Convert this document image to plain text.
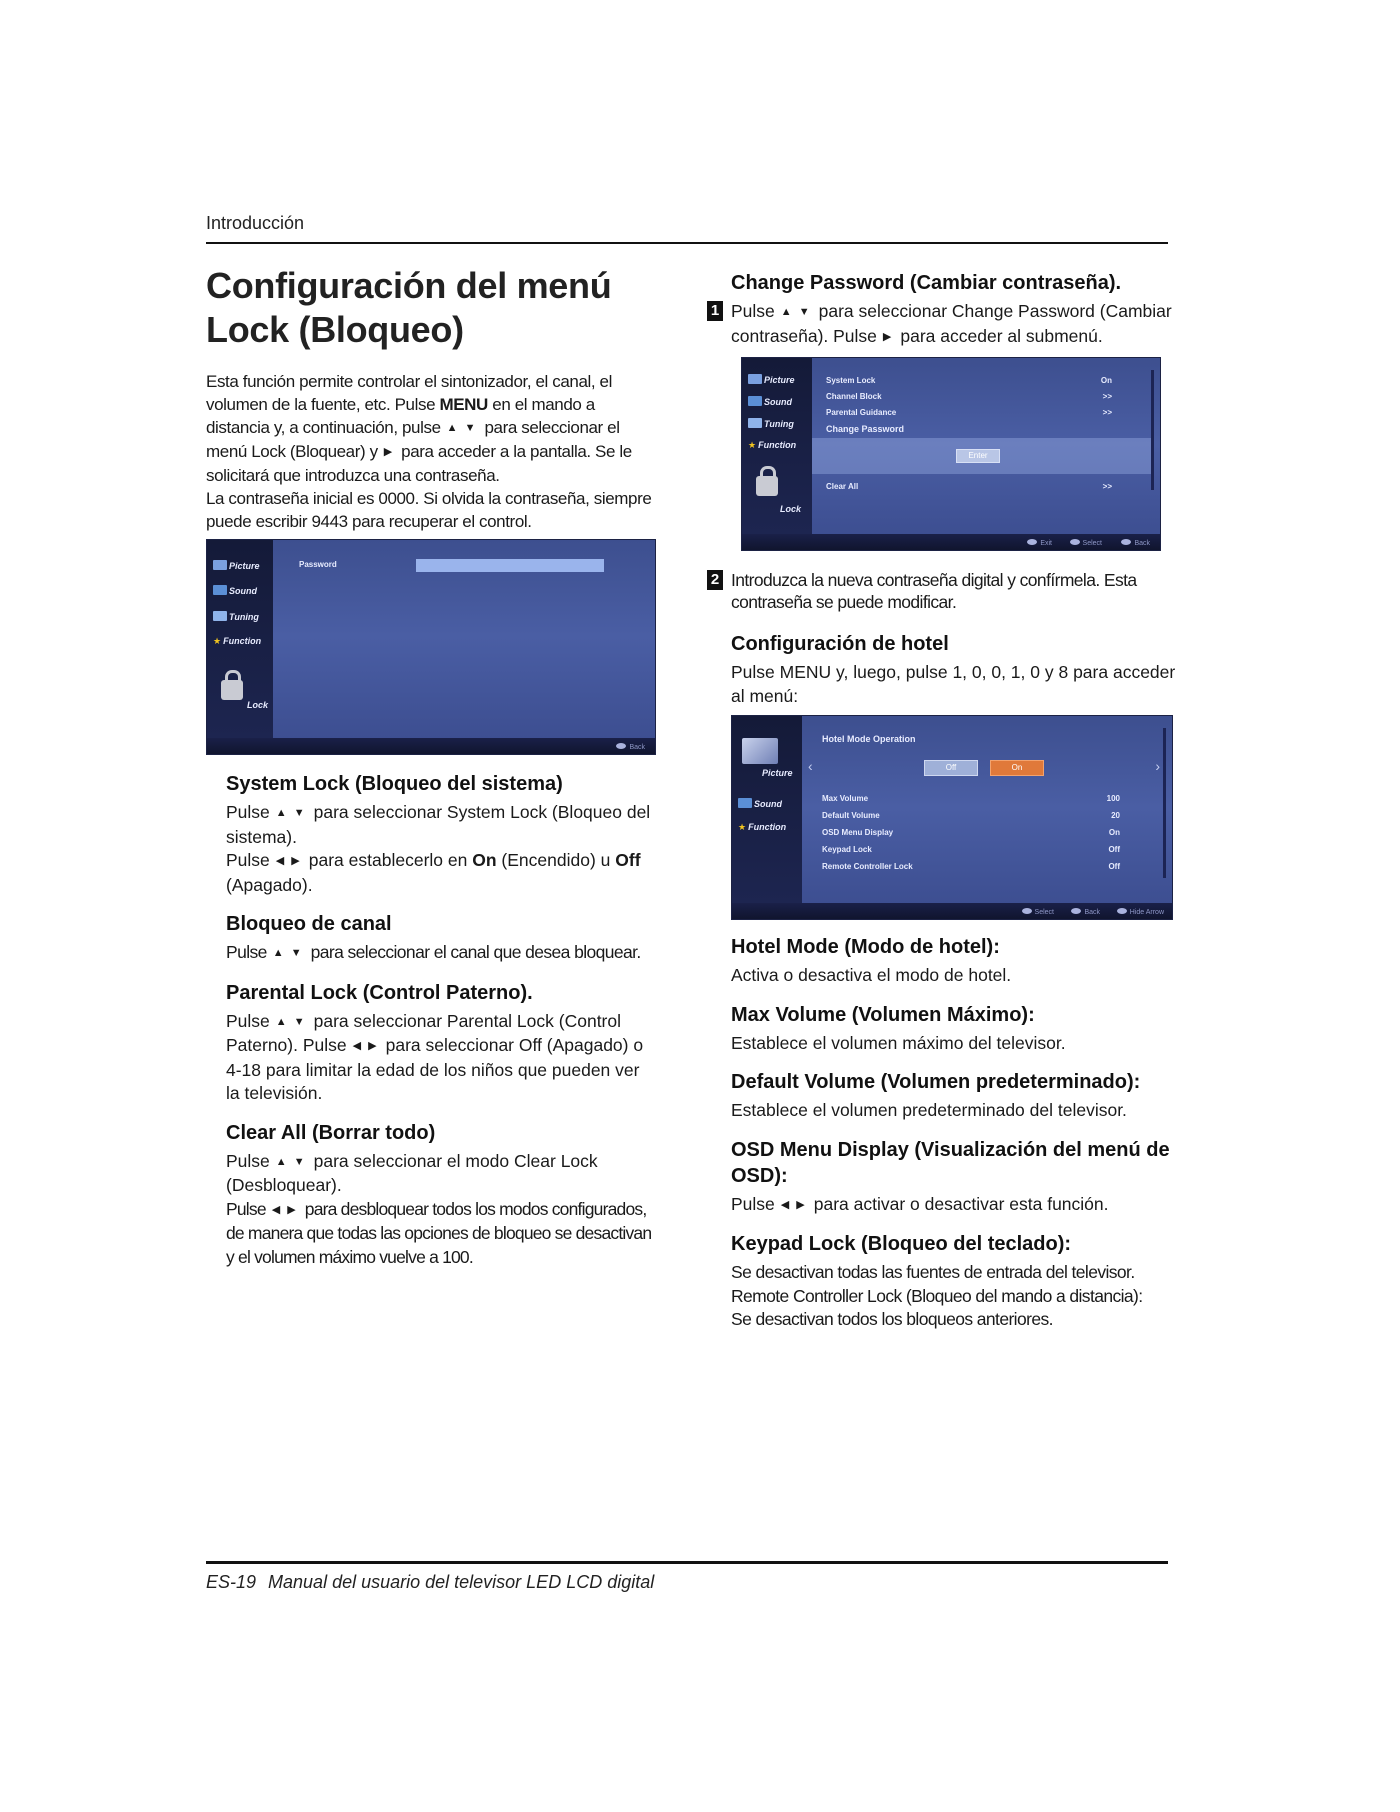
Introducción
Configuración del menú
Lock (Bloqueo)

Esta función permite controlar el sintonizador, el canal, el volumen de la fuente, etc. Pulse MENU en el mando a distancia y, a continuación, pulse ▲ ▼ para seleccionar el menú Lock (Bloquear) y ▶ para acceder a la pantalla. Se le solicitará que introduzca una contraseña.
La contraseña inicial es 0000. Si olvida la contraseña, siempre puede escribir 9443 para recuperar el control.

Picture
Sound
Tuning
★ Function
Lock
Password
Back
System Lock (Bloqueo del sistema)

Pulse ▲ ▼ para seleccionar System Lock (Bloqueo del sistema).
Pulse ◀ ▶ para establecerlo en On (Encendido) u Off (Apagado).

Bloqueo de canal

Pulse ▲ ▼ para seleccionar el canal que desea bloquear.

Parental Lock (Control Paterno).

Pulse ▲ ▼ para seleccionar Parental Lock (Control Paterno). Pulse ◀ ▶ para seleccionar Off (Apagado) o 4-18 para limitar la edad de los niños que pueden ver la televisión.

Clear All (Borrar todo)

Pulse ▲ ▼ para seleccionar el modo Clear Lock (Desbloquear).
Pulse ◀ ▶ para desbloquear todos los modos configurados, de manera que todas las opciones de bloqueo se desactivan y el volumen máximo vuelve a 100.

Change Password (Cambiar contraseña).
1 Pulse ▲ ▼ para seleccionar Change Password (Cambiar contraseña). Pulse ▶ para acceder al submenú.

Picture
Sound
Tuning
★ Function
Lock
System Lock	On
Channel Block	>>
Parental Guidance	>>
Change Password
Enter
Clear All	>>
Exit	Select	Back
2 Introduzca la nueva contraseña digital y confírmela. Esta contraseña se puede modificar.

Configuración de hotel

Pulse MENU y, luego, pulse 1, 0, 0, 1, 0 y 8 para acceder al menú:

Picture
Sound
★ Function
Hotel Mode Operation
‹	›
Off	On
Max Volume	100
Default Volume	20
OSD Menu Display	On
Keypad Lock	Off
Remote Controller Lock	Off
Select	Back	Hide Arrow
Hotel Mode (Modo de hotel):

Activa o desactiva el modo de hotel.

Max Volume (Volumen Máximo):

Establece el volumen máximo del televisor.

Default Volume (Volumen predeterminado):

Establece el volumen predeterminado del televisor.

OSD Menu Display (Visualización del menú de OSD):

Pulse ◀ ▶ para activar o desactivar esta función.

Keypad Lock (Bloqueo del teclado):

Se desactivan todas las fuentes de entrada del televisor.
Remote Controller Lock (Bloqueo del mando a distancia):
Se desactivan todos los bloqueos anteriores.

ES-19 Manual del usuario del televisor LED LCD digital
